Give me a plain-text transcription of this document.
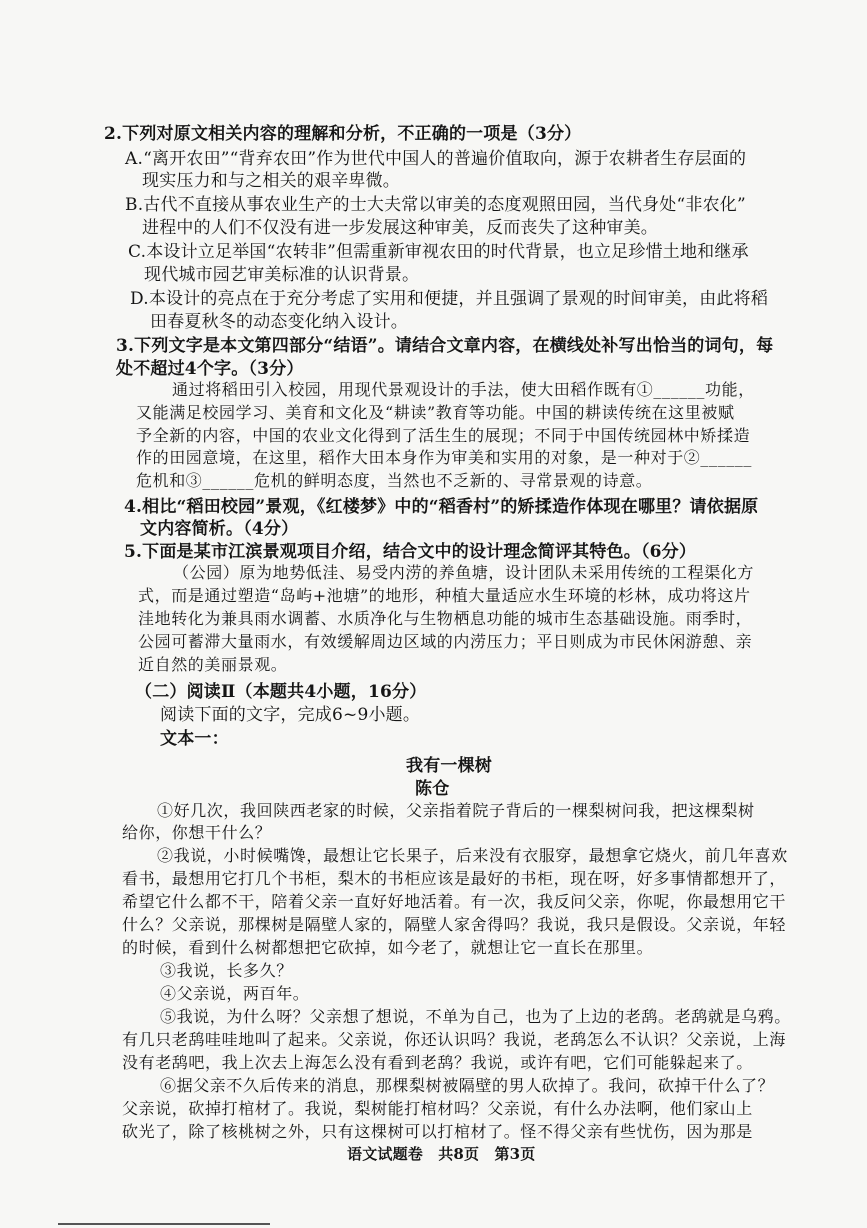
2.下列对原文相关内容的理解和分析，不正确的一项是（3分）
A.“离开农田”“背弃农田”作为世代中国人的普遍价值取向，源于农耕者生存层面的
现实压力和与之相关的艰辛卑微。
B.古代不直接从事农业生产的士大夫常以审美的态度观照田园，当代身处“非农化”
进程中的人们不仅没有进一步发展这种审美，反而丧失了这种审美。
C.本设计立足举国“农转非”但需重新审视农田的时代背景，也立足珍惜土地和继承
现代城市园艺审美标准的认识背景。
D.本设计的亮点在于充分考虑了实用和便捷，并且强调了景观的时间审美，由此将稻
田春夏秋冬的动态变化纳入设计。
3.下列文字是本文第四部分“结语”。请结合文章内容，在横线处补写出恰当的词句，每
处不超过4个字。（3分）
通过将稻田引入校园，用现代景观设计的手法，使大田稻作既有①______功能，
又能满足校园学习、美育和文化及“耕读”教育等功能。中国的耕读传统在这里被赋
予全新的内容，中国的农业文化得到了活生生的展现；不同于中国传统园林中矫揉造
作的田园意境，在这里，稻作大田本身作为审美和实用的对象，是一种对于②______
危机和③______危机的鲜明态度，当然也不乏新的、寻常景观的诗意。
4.相比“稻田校园”景观，《红楼梦》中的“稻香村”的矫揉造作体现在哪里？请依据原
文内容简析。（4分）
5.下面是某市江滨景观项目介绍，结合文中的设计理念简评其特色。（6分）
（公园）原为地势低洼、易受内涝的养鱼塘，设计团队未采用传统的工程渠化方
式，而是通过塑造“岛屿+池塘”的地形，种植大量适应水生环境的杉林，成功将这片
洼地转化为兼具雨水调蓄、水质净化与生物栖息功能的城市生态基础设施。雨季时，
公园可蓄滞大量雨水，有效缓解周边区域的内涝压力；平日则成为市民休闲游憩、亲
近自然的美丽景观。
（二）阅读Ⅱ（本题共4小题，16分）
阅读下面的文字，完成6~9小题。
文本一：
我有一棵树
陈仓
①好几次，我回陕西老家的时候，父亲指着院子背后的一棵梨树问我，把这棵梨树
给你，你想干什么？
②我说，小时候嘴馋，最想让它长果子，后来没有衣服穿，最想拿它烧火，前几年喜欢
看书，最想用它打几个书柜，梨木的书柜应该是最好的书柜，现在呀，好多事情都想开了，
希望它什么都不干，陪着父亲一直好好地活着。有一次，我反问父亲，你呢，你最想用它干
什么？父亲说，那棵树是隔壁人家的，隔壁人家舍得吗？我说，我只是假设。父亲说，年轻
的时候，看到什么树都想把它砍掉，如今老了，就想让它一直长在那里。
③我说，长多久？
④父亲说，两百年。
⑤我说，为什么呀？父亲想了想说，不单为自己，也为了上边的老鸹。老鸹就是乌鸦。
有几只老鸹哇哇地叫了起来。父亲说，你还认识吗？我说，老鸹怎么不认识？父亲说，上海
没有老鸹吧，我上次去上海怎么没有看到老鸹？我说，或许有吧，它们可能躲起来了。
⑥据父亲不久后传来的消息，那棵梨树被隔壁的男人砍掉了。我问，砍掉干什么了？
父亲说，砍掉打棺材了。我说，梨树能打棺材吗？父亲说，有什么办法啊，他们家山上
砍光了，除了核桃树之外，只有这棵树可以打棺材了。怪不得父亲有些忧伤，因为那是
语文试题卷　共8页　第3页
